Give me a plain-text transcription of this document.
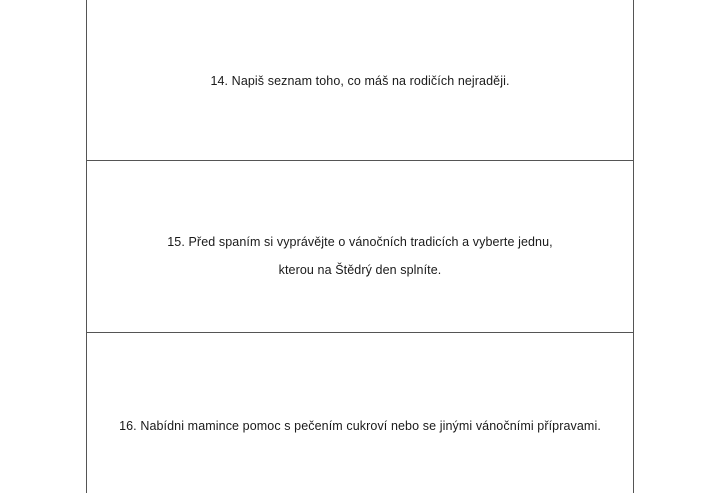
14. Napiš seznam toho, co máš na rodičích nejraději.
15. Před spaním si vyprávějte o vánočních tradicích a vyberte jednu,
kterou na Štědrý den splníte.
16. Nabídni mamince pomoc s pečením cukroví nebo se jinými vánočními přípravami.
